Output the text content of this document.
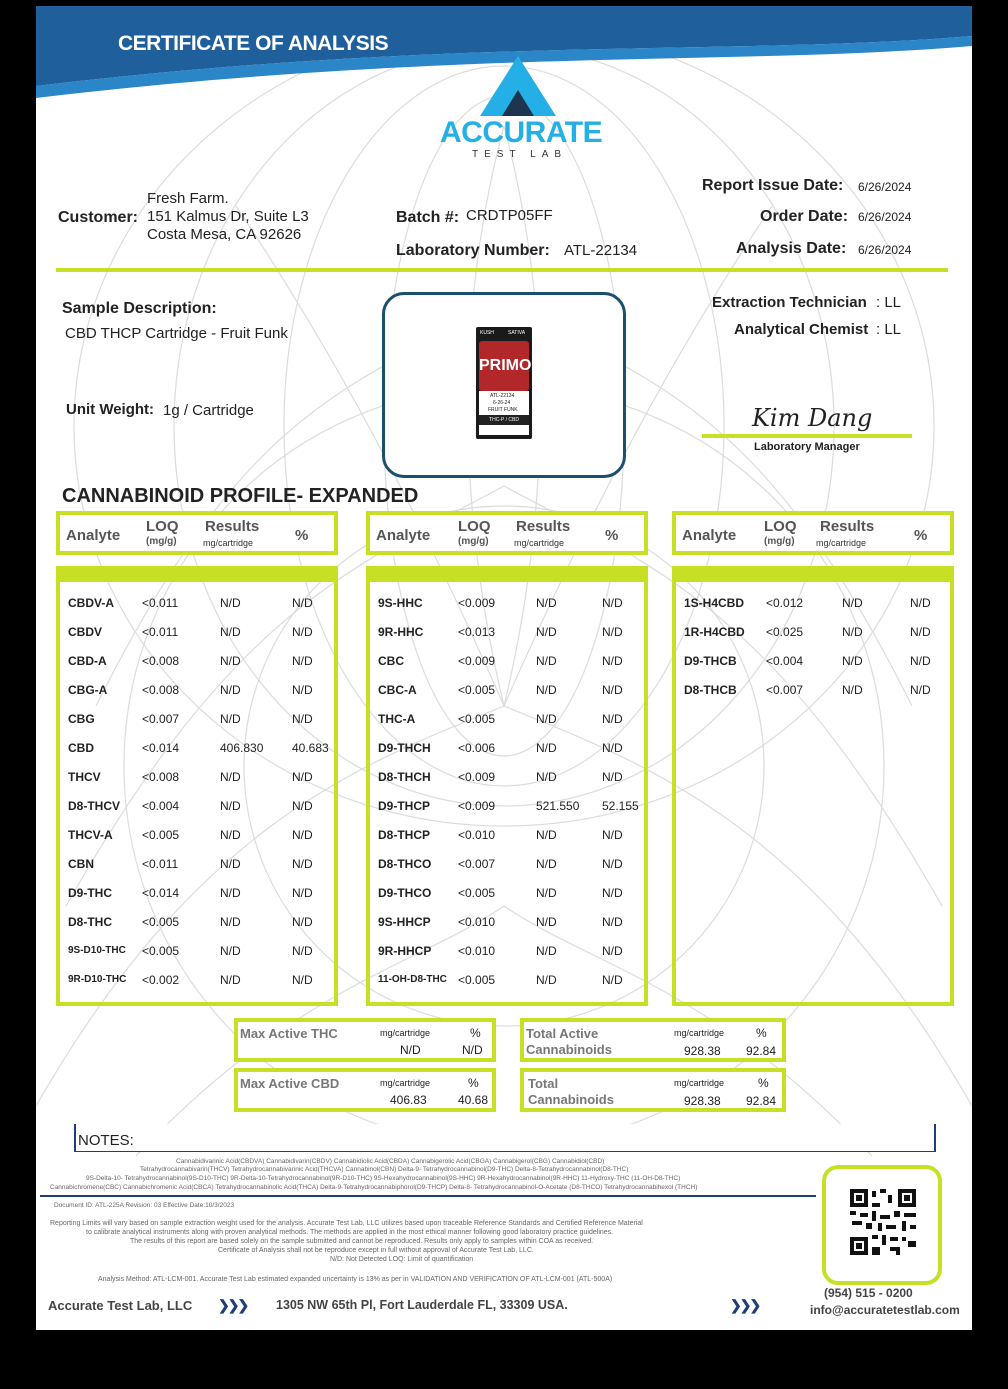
CERTIFICATE OF ANALYSIS
ACCURATE
TEST LAB
Customer:
Fresh Farm.
151 Kalmus Dr, Suite L3
Costa Mesa, CA 92626
Batch #: CRDTP05FF
Laboratory Number: ATL-22134
Report Issue Date: 6/26/2024
Order Date: 6/26/2024
Analysis Date: 6/26/2024
Sample Description:
CBD THCP Cartridge - Fruit Funk
Unit Weight: 1g / Cartridge
KUSH	SATIVA
PRIMO
ATL-22134
6-26-24
FRUIT FUNK
THC-P / CBD
Extraction Technician : LL
Analytical Chemist : LL
Kim Dang
Laboratory Manager
CANNABINOID PROFILE- EXPANDED
Analyte
LOQ
(mg/g)
Results
mg/cartridge	%	Analyte
LOQ
(mg/g)
Results
mg/cartridge	%	Analyte
LOQ
(mg/g)
Results
mg/cartridge	%
CBDV-A <0.011	N/D	N/D
CBDV	<0.011	N/D	N/D
CBD-A	<0.008	N/D	N/D
CBG-A	<0.008	N/D	N/D
CBG	<0.007	N/D	N/D
CBD	<0.014	406.830 40.683
THCV	<0.008	N/D	N/D
D8-THCV <0.004	N/D	N/D
THCV-A <0.005	N/D	N/D
CBN	<0.011	N/D	N/D
D9-THC	<0.014	N/D	N/D
D8-THC	<0.005	N/D	N/D
9S-D10-THC <0.005	N/D	N/D
9R-D10-THC <0.002	N/D	N/D
9S-HHC	<0.009	N/D	N/D
9R-HHC	<0.013	N/D	N/D
CBC	<0.009	N/D	N/D
CBC-A	<0.005	N/D	N/D
THC-A	<0.005	N/D	N/D
D9-THCH <0.006	N/D	N/D
D8-THCH <0.009	N/D	N/D
D9-THCP <0.009	521.550 52.155
D8-THCP <0.010	N/D	N/D
D8-THCO <0.007	N/D	N/D
D9-THCO <0.005	N/D	N/D
9S-HHCP <0.010	N/D	N/D
9R-HHCP <0.010	N/D	N/D
11-OH-D8-THC <0.005	N/D	N/D
1S-H4CBD <0.012	N/D	N/D
1R-H4CBD <0.025	N/D	N/D
D9-THCB <0.004	N/D	N/D
D8-THCB <0.007	N/D	N/D
Max Active THC	mg/cartridge	%
N/D	N/D
Max Active CBD	mg/cartridge	%
406.83	40.68
Total Active
Cannabinoids
mg/cartridge	%
928.38 92.84
Total
Cannabinoids
mg/cartridge	%
928.38 92.84
NOTES:
Cannabidivarinic Acid(CBDVA) Cannabidivarin(CBDV) Cannabidiolic Acid(CBDA) Cannabigerolic Acid(CBGA) Cannabigerol(CBG) Cannabidiol(CBD)
Tetrahydrocannabivarin(THCV) Tetrahydrocannabivarinic Acid(THCVA) Cannabinol(CBN) Delta-9- Tetrahydrocannabinol(D9-THC) Delta-8-Tetrahydrocannabinol(D8-THC)
9S-Delta-10- Tetrahydrocannabinol(9S-D10-THC) 9R-Delta-10-Tetrahydrocannabinol(9R-D10-THC) 9S-Hexahydrocannabinol(9S-HHC) 9R-Hexahydrocannabinol(9R-HHC) 11-Hydroxy-THC (11-OH-D8-THC)
Cannabichromene(CBC) Cannabichromenic Acid(CBCA) Tetrahydrocannabinolic Acid(THCA) Delta-9-Tetrahydrocannabiphorol(D9-THCP) Delta-8- Tetrahydrocannabinol-O-Acetate (D8-THCO) Tetrahydrocannabihexol (THCH)
Document ID: ATL-225A Revision: 03 Effective Date:10/3/2023
Reporting Limits will vary based on sample extraction weight used for the analysis. Accurate Test Lab, LLC utilizes based upon traceable Reference Standards and Certified Reference Material
to calibrate analytical instruments along with proven analytical methods. The methods are applied in the most ethical manner following good laboratory practice guidelines.
The results of this report are based solely on the sample submitted and cannot be reproduced. Results only apply to samples within COA as received.
Certificate of Analysis shall not be reproduce except in full without approval of Accurate Test Lab, LLC.
N/D: Not Detected LOQ: Limit of quantification
Analysis Method: ATL-LCM-001. Accurate Test Lab estimated expanded uncertainty is 13% as per in VALIDATION AND VERIFICATION OF ATL-LCM-001 (ATL-500A)
Accurate Test Lab, LLC ❯❯❯ 1305 NW 65th Pl, Fort Lauderdale FL, 33309 USA.	❯❯❯
(954) 515 - 0200
info@accuratetestlab.com
